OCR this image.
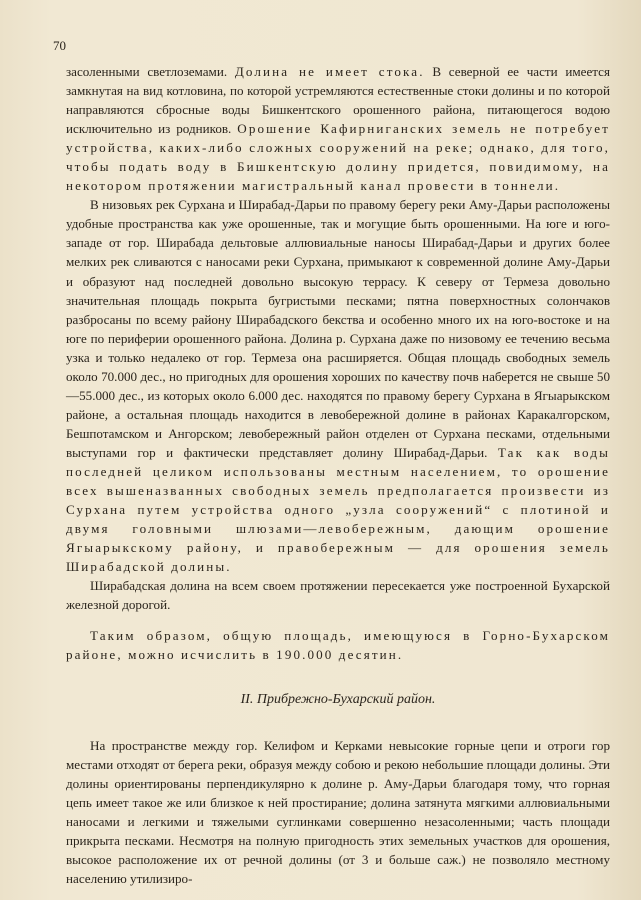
70

засоленными светлоземами. Долина не имеет стока. В северной ее части имеется замкнутая на вид котловина, по которой устремляются естественные стоки долины и по которой направляются сбросные воды Бишкентского орошенного района, питающегося водою исключительно из родников. Орошение Кафирниганских земель не потребует устройства, каких-либо сложных сооружений на реке; однако, для того, чтобы подать воду в Бишкентскую долину придется, повидимому, на некотором протяжении магистральный канал провести в тоннели.

В низовьях рек Сурхана и Ширабад-Дарьи по правому берегу реки Аму-Дарьи расположены удобные пространства как уже орошенные, так и могущие быть орошенными. На юге и юго-западе от гор. Ширабада дельтовые аллювиальные наносы Ширабад-Дарьи и других более мелких рек сливаются с наносами реки Сурхана, примыкают к современной долине Аму-Дарьи и образуют над последней довольно высокую террасу. К северу от Термеза довольно значительная площадь покрыта бугристыми песками; пятна поверхностных солончаков разбросаны по всему району Ширабадского бекства и особенно много их на юго-востоке и на юге по периферии орошенного района. Долина р. Сурхана даже по низовому ее течению весьма узка и только недалеко от гор. Термеза она расширяется. Общая площадь свободных земель около 70.000 дес., но пригодных для орошения хороших по качеству почв наберется не свыше 50—55.000 дес., из которых около 6.000 дес. находятся по правому берегу Сурхана в Ягыарыкском районе, а остальная площадь находится в левобережной долине в районах Каракалгорском, Бешпотамском и Ангорском; левобережный район отделен от Сурхана песками, отдельными выступами гор и фактически представляет долину Ширабад-Дарьи. Так как воды последней целиком использованы местным населением, то орошение всех вышеназванных свободных земель предполагается произвести из Сурхана путем устройства одного „узла сооружений“ с плотиной и двумя головными шлюзами—левобережным, дающим орошение Ягыарыкскому району, и правобережным — для орошения земель Ширабадской долины.

Ширабадская долина на всем своем протяжении пересекается уже построенной Бухарской железной дорогой.

Таким образом, общую площадь, имеющуюся в Горно-Бухарском районе, можно исчислить в 190.000 десятин.

II. Прибрежно-Бухарский район.

На пространстве между гор. Келифом и Керками невысокие горные цепи и отроги гор местами отходят от берега реки, образуя между собою и рекою небольшие площади долины. Эти долины ориентированы перпендикулярно к долине р. Аму-Дарьи благодаря тому, что горная цепь имеет такое же или близкое к ней простирание; долина затянута мягкими аллювиальными наносами и легкими и тяжелыми суглинками совершенно незасоленными; часть площади прикрыта песками. Несмотря на полную пригодность этих земельных участков для орошения, высокое расположение их от речной долины (от 3 и больше саж.) не позволяло местному населению утилизиро-
